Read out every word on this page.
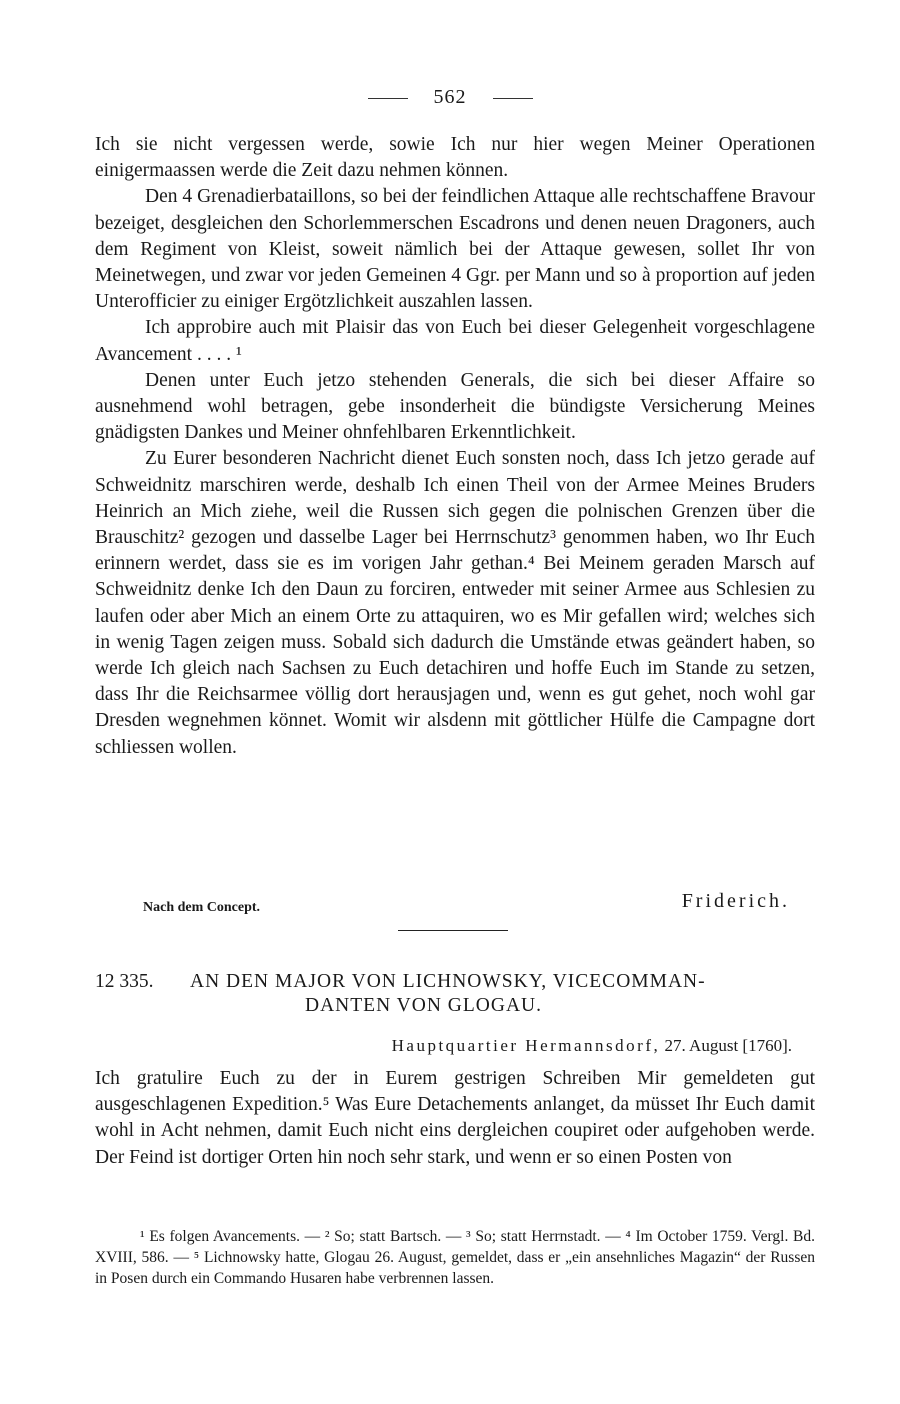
562

Ich sie nicht vergessen werde, sowie Ich nur hier wegen Meiner Operationen einigermaassen werde die Zeit dazu nehmen können.

Den 4 Grenadierbataillons, so bei der feindlichen Attaque alle rechtschaffene Bravour bezeiget, desgleichen den Schorlemmerschen Escadrons und denen neuen Dragoners, auch dem Regiment von Kleist, soweit nämlich bei der Attaque gewesen, sollet Ihr von Meinetwegen, und zwar vor jeden Gemeinen 4 Ggr. per Mann und so à proportion auf jeden Unterofficier zu einiger Ergötzlichkeit auszahlen lassen.

Ich approbire auch mit Plaisir das von Euch bei dieser Gelegenheit vorgeschlagene Avancement . . . . ¹

Denen unter Euch jetzo stehenden Generals, die sich bei dieser Affaire so ausnehmend wohl betragen, gebe insonderheit die bündigste Versicherung Meines gnädigsten Dankes und Meiner ohnfehlbaren Erkenntlichkeit.

Zu Eurer besonderen Nachricht dienet Euch sonsten noch, dass Ich jetzo gerade auf Schweidnitz marschiren werde, deshalb Ich einen Theil von der Armee Meines Bruders Heinrich an Mich ziehe, weil die Russen sich gegen die polnischen Grenzen über die Brauschitz² gezogen und dasselbe Lager bei Herrnschutz³ genommen haben, wo Ihr Euch erinnern werdet, dass sie es im vorigen Jahr gethan.⁴ Bei Meinem geraden Marsch auf Schweidnitz denke Ich den Daun zu forciren, entweder mit seiner Armee aus Schlesien zu laufen oder aber Mich an einem Orte zu attaquiren, wo es Mir gefallen wird; welches sich in wenig Tagen zeigen muss. Sobald sich dadurch die Umstände etwas geändert haben, so werde Ich gleich nach Sachsen zu Euch detachiren und hoffe Euch im Stande zu setzen, dass Ihr die Reichsarmee völlig dort herausjagen und, wenn es gut gehet, noch wohl gar Dresden wegnehmen könnet. Womit wir alsdenn mit göttlicher Hülfe die Campagne dort schliessen wollen.

Nach dem Concept.	Friderich.
12 335. AN DEN MAJOR VON LICHNOWSKY, VICECOMMAN-
DANTEN VON GLOGAU.
Hauptquartier Hermannsdorf, 27. August [1760].

Ich gratulire Euch zu der in Eurem gestrigen Schreiben Mir gemeldeten gut ausgeschlagenen Expedition.⁵ Was Eure Detachements anlanget, da müsset Ihr Euch damit wohl in Acht nehmen, damit Euch nicht eins dergleichen coupiret oder aufgehoben werde. Der Feind ist dortiger Orten hin noch sehr stark, und wenn er so einen Posten von

¹ Es folgen Avancements. — ² So; statt Bartsch. — ³ So; statt Herrnstadt. — ⁴ Im October 1759. Vergl. Bd. XVIII, 586. — ⁵ Lichnowsky hatte, Glogau 26. August, gemeldet, dass er „ein ansehnliches Magazin“ der Russen in Posen durch ein Commando Husaren habe verbrennen lassen.
